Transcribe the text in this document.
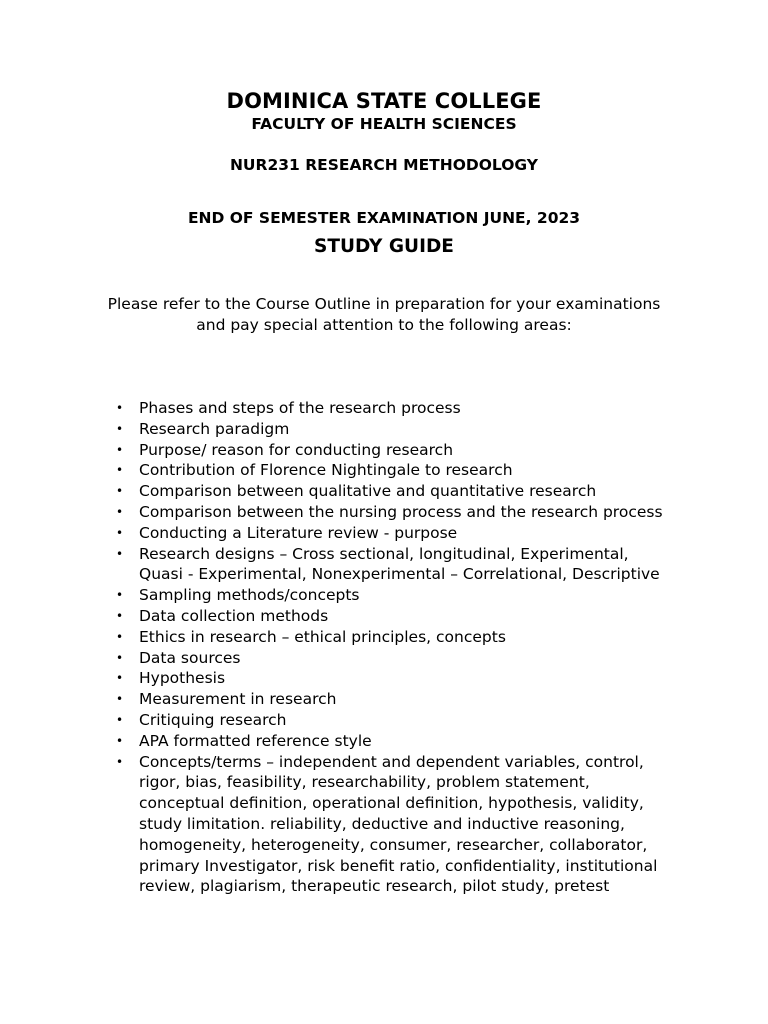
DOMINICA STATE COLLEGE
FACULTY OF HEALTH SCIENCES
NUR231 RESEARCH METHODOLOGY
END OF SEMESTER EXAMINATION JUNE, 2023
STUDY GUIDE
Please refer to the Course Outline in preparation for your examinations
and pay special attention to the following areas:
• Phases and steps of the research process
• Research paradigm
• Purpose/ reason for conducting research
• Contribution of Florence Nightingale to research
• Comparison between qualitative and quantitative research
• Comparison between the nursing process and the research process
• Conducting a Literature review - purpose
• Research designs – Cross sectional, longitudinal, Experimental,
Quasi - Experimental, Nonexperimental – Correlational, Descriptive
• Sampling methods/concepts
• Data collection methods
• Ethics in research – ethical principles, concepts
• Data sources
• Hypothesis
• Measurement in research
• Critiquing research
• APA formatted reference style
• Concepts/terms – independent and dependent variables, control,
rigor, bias, feasibility, researchability, problem statement,
conceptual definition, operational definition, hypothesis, validity,
study limitation. reliability, deductive and inductive reasoning,
homogeneity, heterogeneity, consumer, researcher, collaborator,
primary Investigator, risk benefit ratio, confidentiality, institutional
review, plagiarism, therapeutic research, pilot study, pretest
